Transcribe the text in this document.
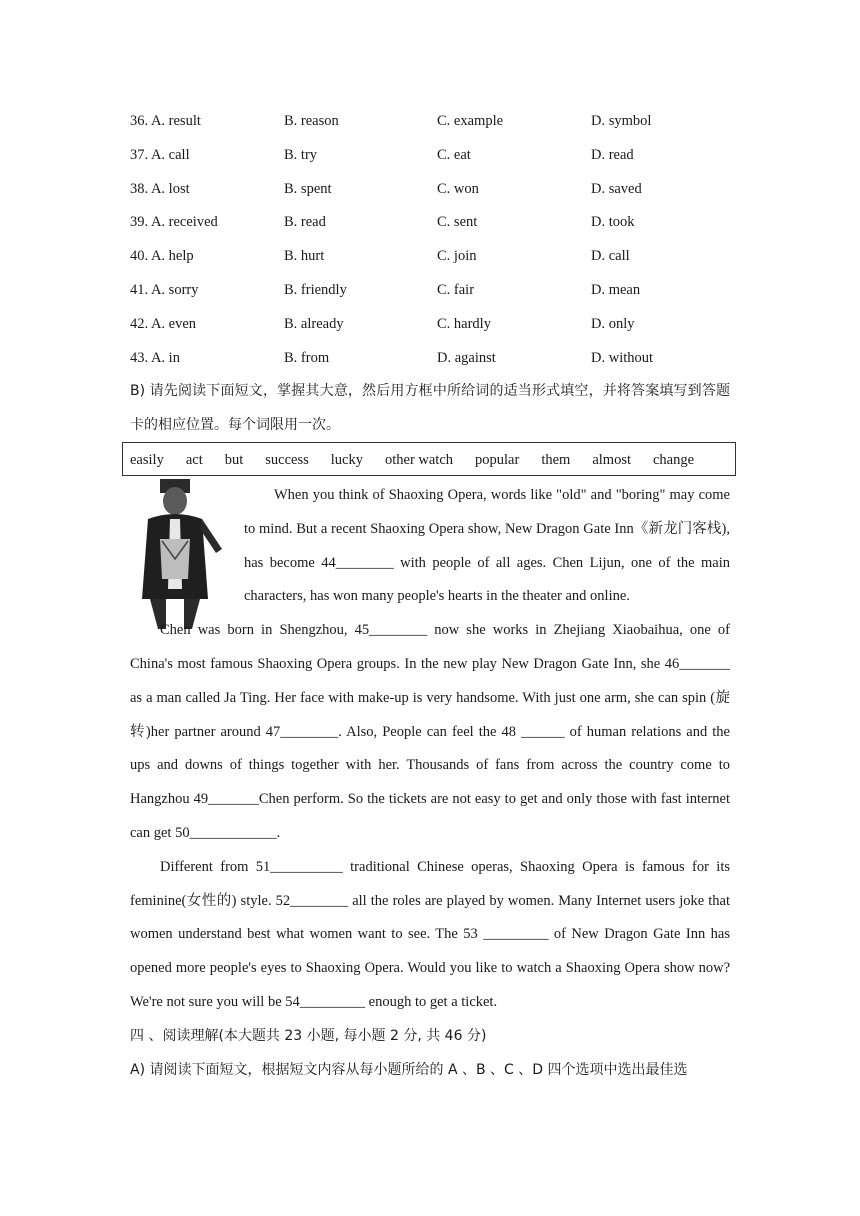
36. A. result	B. reason	C. example	D. symbol
37. A. call	B. try	C. eat	D. read
38. A. lost	B. spent	C. won	D. saved
39. A. received	B. read	C. sent	D. took
40. A. help	B. hurt	C. join	D. call
41. A. sorry	B. friendly	C. fair	D. mean
42. A. even	B. already	C. hardly	D. only
43. A. in	B. from	D. against	D. without

B) 请先阅读下面短文，掌握其大意，然后用方框中所给词的适当形式填空，并将答案填写到答题卡的相应位置。每个词限用一次。

easily act but success lucky other watch popular them almost change

When you think of Shaoxing Opera, words like "old" and "boring" may come to mind. But a recent Shaoxing Opera show, New Dragon Gate Inn《新龙门客栈), has become 44________ with people of all ages. Chen Lijun, one of the main characters, has won many people's hearts in the theater and online.

Chen was born in Shengzhou, 45________ now she works in Zhejiang Xiaobaihua, one of China's most famous Shaoxing Opera groups. In the new play New Dragon Gate Inn, she 46_______ as a man called Ja Ting. Her face with make-up is very handsome. With just one arm, she can spin (旋转)her partner around 47________. Also, People can feel the 48 ______ of human relations and the ups and downs of things together with her. Thousands of fans from across the country come to Hangzhou 49_______Chen perform. So the tickets are not easy to get and only those with fast internet can get 50____________.

Different from 51__________ traditional Chinese operas, Shaoxing Opera is famous for its feminine(女性的) style. 52________ all the roles are played by women. Many Internet users joke that women understand best what women want to see. The 53 _________ of New Dragon Gate Inn has opened more people's eyes to Shaoxing Opera. Would you like to watch a Shaoxing Opera show now? We're not sure you will be 54_________ enough to get a ticket.

四 、阅读理解(本大题共 23 小题, 每小题 2 分, 共 46 分)

A) 请阅读下面短文，根据短文内容从每小题所给的 A 、B 、C 、D 四个选项中选出最佳选
